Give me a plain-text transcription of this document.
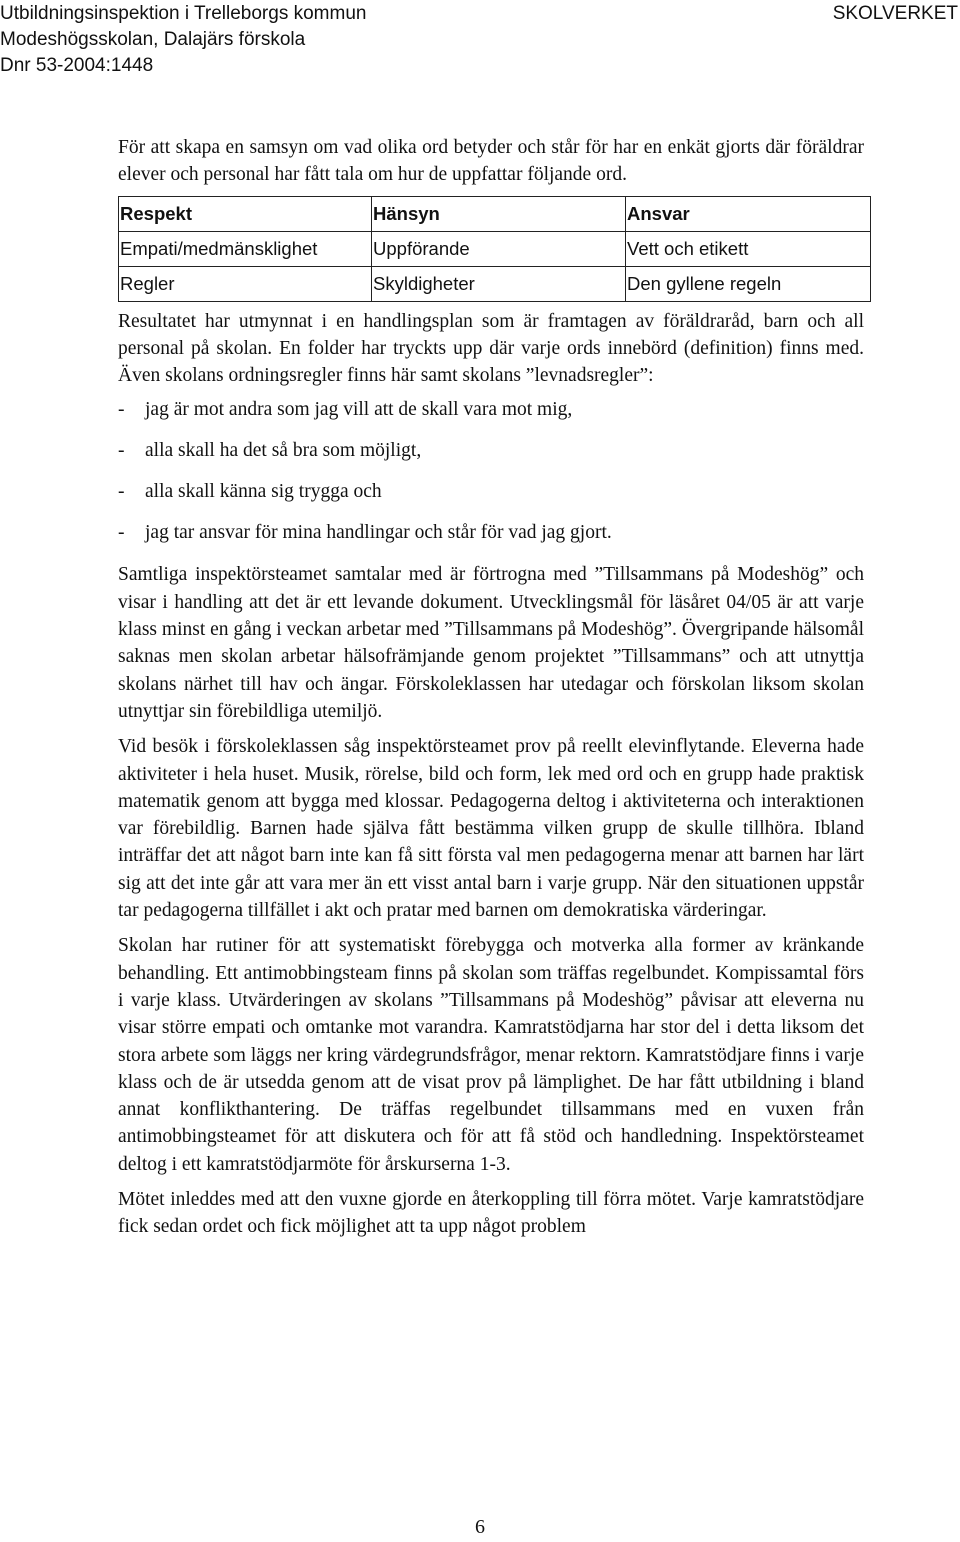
Utbildningsinspektion i Trelleborgs kommun
Modeshögsskolan, Dalajärs förskola
Dnr 53-2004:1448
SKOLVERKET

För att skapa en samsyn om vad olika ord betyder och står för har en enkät gjorts där föräldrar elever och personal har fått tala om hur de uppfattar följande ord.

Respekt	Hänsyn	Ansvar
Empati/medmänsklighet	Uppförande	Vett och etikett
Regler	Skyldigheter	Den gyllene regeln

Resultatet har utmynnat i en handlingsplan som är framtagen av föräldraråd, barn och all personal på skolan. En folder har tryckts upp där varje ords innebörd (definition) finns med. Även skolans ordningsregler finns här samt skolans ”levnadsregler”:

-	jag är mot andra som jag vill att de skall vara mot mig,
-	alla skall ha det så bra som möjligt,
-	alla skall känna sig trygga och
-	jag tar ansvar för mina handlingar och står för vad jag gjort.

Samtliga inspektörsteamet samtalar med är förtrogna med ”Tillsammans på Modeshög” och visar i handling att det är ett levande dokument. Utvecklingsmål för läsåret 04/05 är att varje klass minst en gång i veckan arbetar med ”Tillsammans på Modeshög”. Övergripande hälsomål saknas men skolan arbetar hälsofrämjande genom projektet ”Tillsammans” och att utnyttja skolans närhet till hav och ängar. Förskoleklassen har utedagar och förskolan liksom skolan utnyttjar sin förebildliga utemiljö.

Vid besök i förskoleklassen såg inspektörsteamet prov på reellt elevinflytande. Eleverna hade aktiviteter i hela huset. Musik, rörelse, bild och form, lek med ord och en grupp hade praktisk matematik genom att bygga med klossar. Pedagogerna deltog i aktiviteterna och interaktionen var förebildlig. Barnen hade själva fått bestämma vilken grupp de skulle tillhöra. Ibland inträffar det att något barn inte kan få sitt första val men pedagogerna menar att barnen har lärt sig att det inte går att vara mer än ett visst antal barn i varje grupp. När den situationen uppstår tar pedagogerna tillfället i akt och pratar med barnen om demokratiska värderingar.

Skolan har rutiner för att systematiskt förebygga och motverka alla former av kränkande behandling. Ett antimobbingsteam finns på skolan som träffas regelbundet. Kompissamtal förs i varje klass. Utvärderingen av skolans ”Tillsammans på Modeshög” påvisar att eleverna nu visar större empati och omtanke mot varandra. Kamratstödjarna har stor del i detta liksom det stora arbete som läggs ner kring värdegrundsfrågor, menar rektorn. Kamratstödjare finns i varje klass och de är utsedda genom att de visat prov på lämplighet. De har fått utbildning i bland annat konflikthantering. De träffas regelbundet tillsammans med en vuxen från antimobbingsteamet för att diskutera och för att få stöd och handledning. Inspektörsteamet deltog i ett kamratstödjarmöte för årskurserna 1-3.

Mötet inleddes med att den vuxne gjorde en återkoppling till förra mötet. Varje kamratstödjare fick sedan ordet och fick möjlighet att ta upp något problem

6
